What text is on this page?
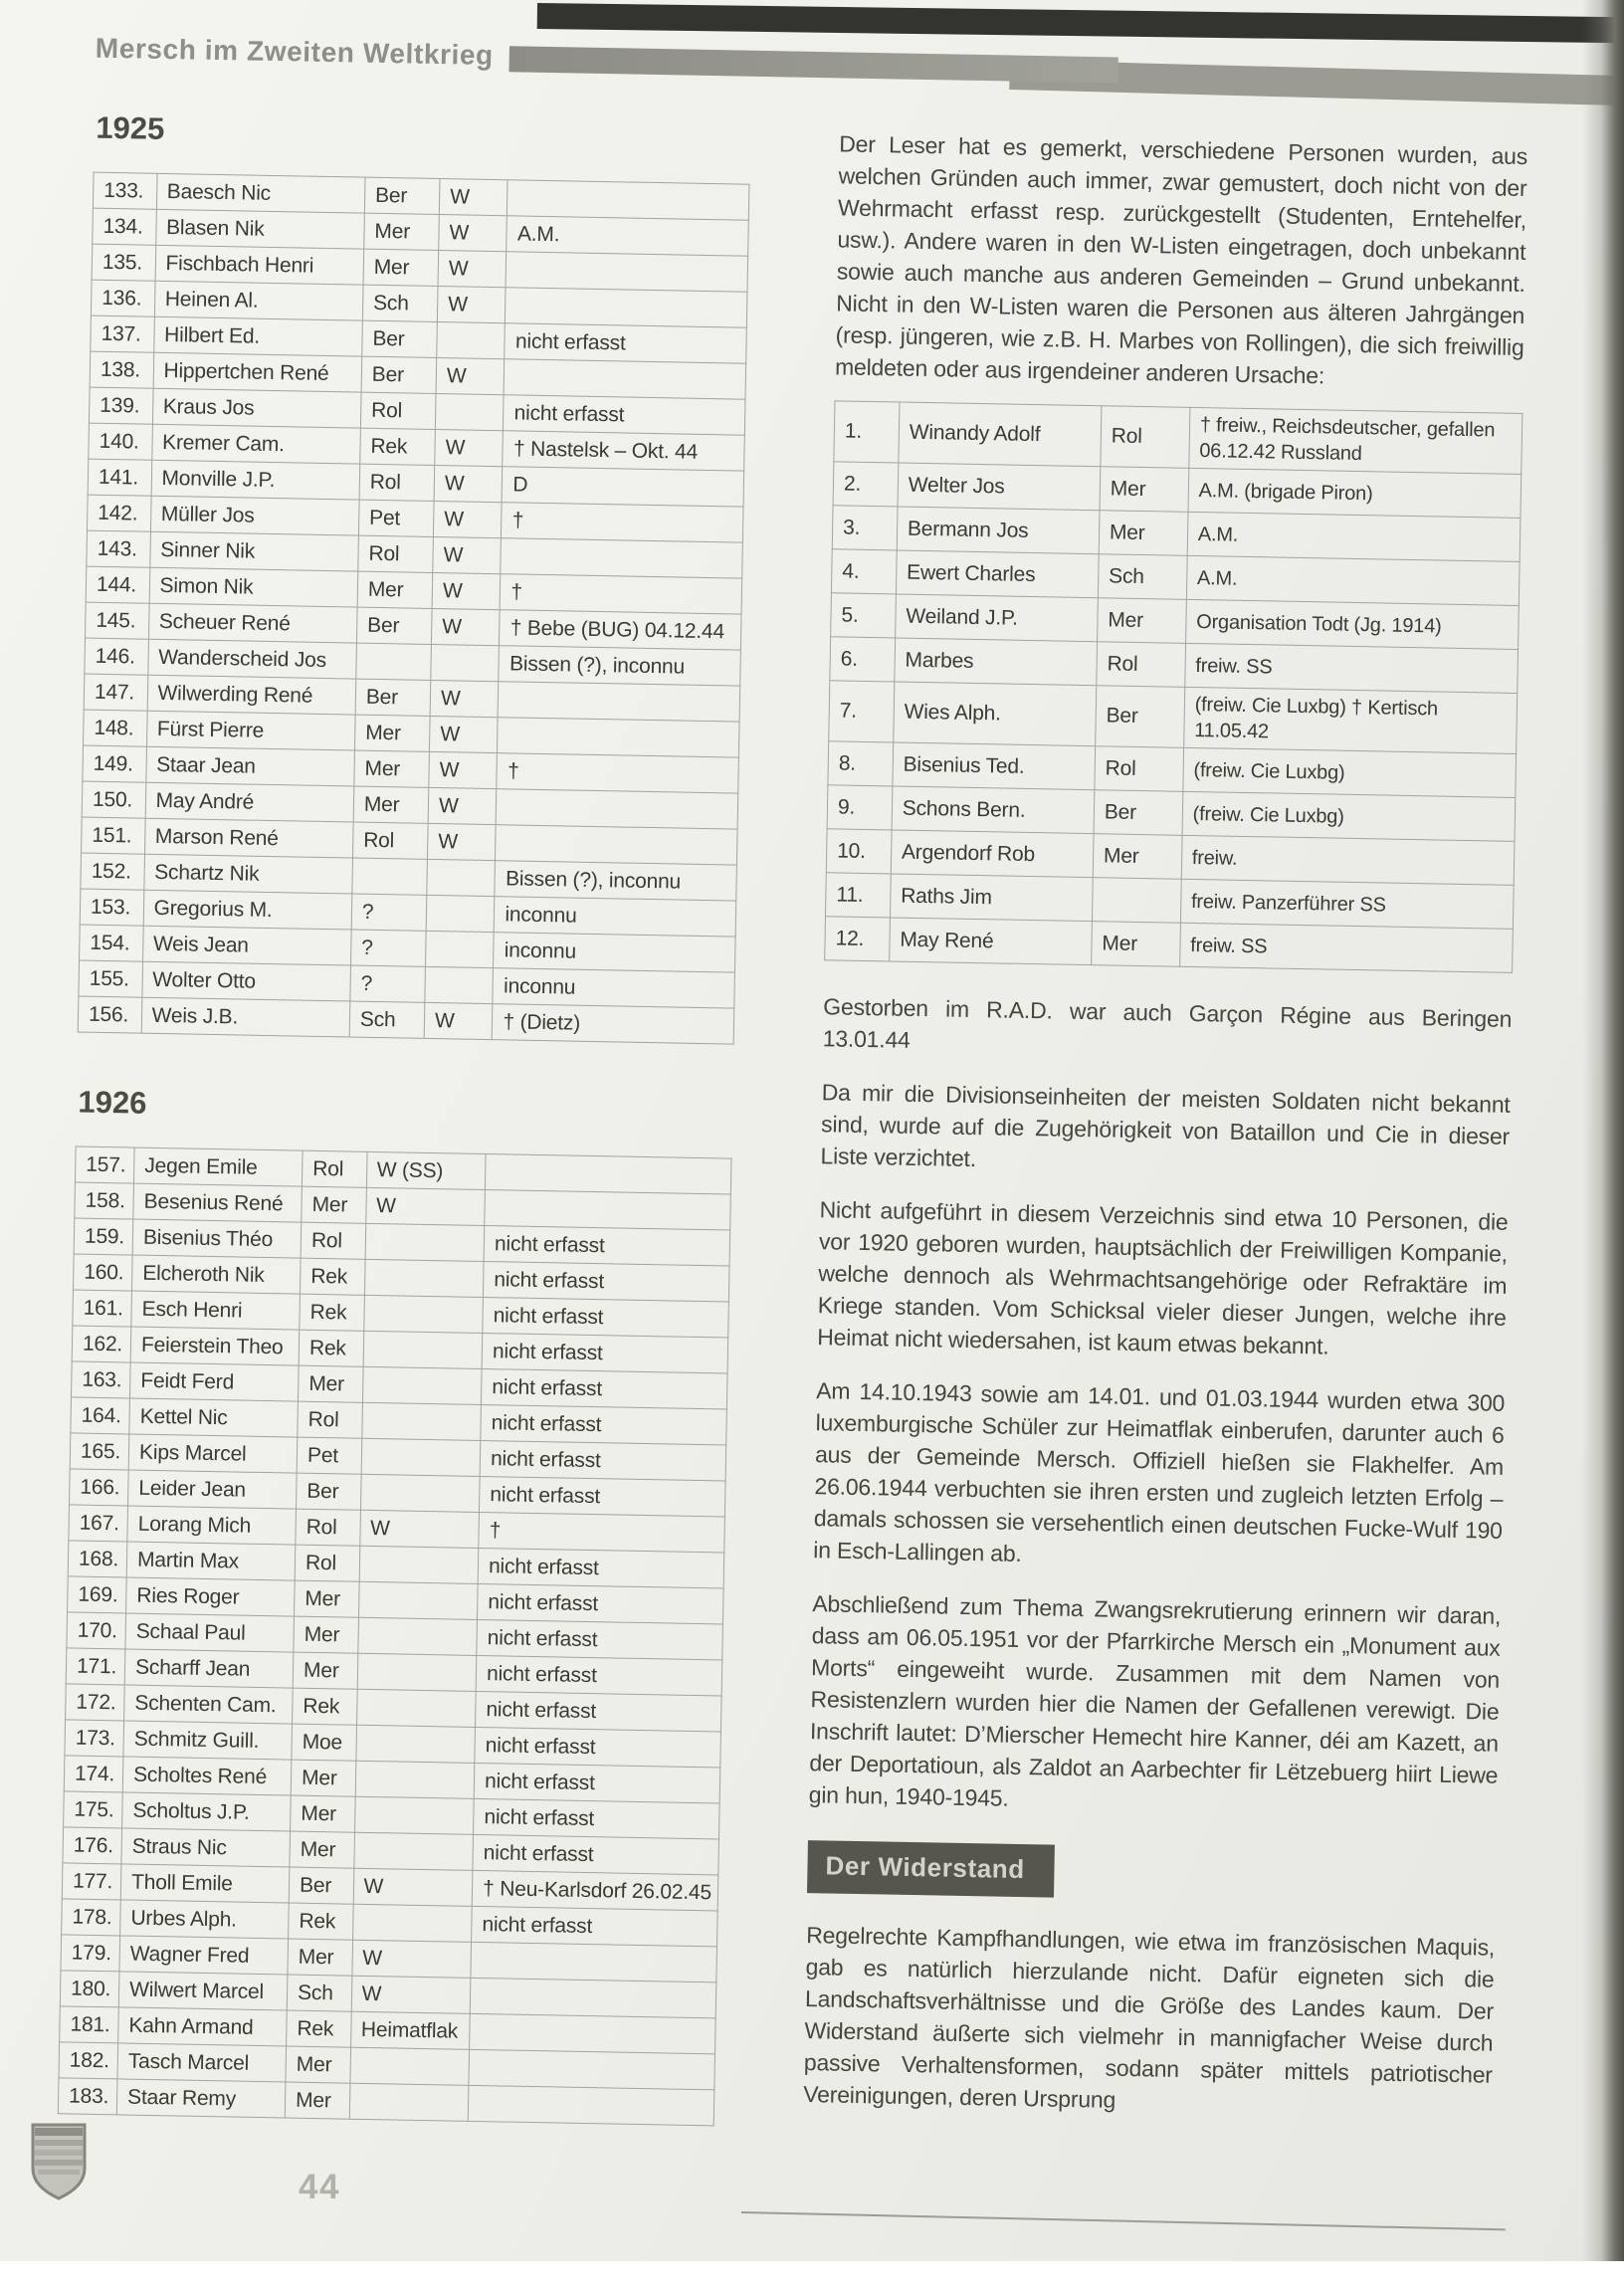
Mersch im Zweiten Weltkrieg
1925
133.	Baesch Nic	Ber	W	
134.	Blasen Nik	Mer	W	A.M.
135.	Fischbach Henri	Mer	W	
136.	Heinen Al.	Sch	W	
137.	Hilbert Ed.	Ber		nicht erfasst
138.	Hippertchen René	Ber	W	
139.	Kraus Jos	Rol		nicht erfasst
140.	Kremer Cam.	Rek	W	† Nastelsk – Okt. 44
141.	Monville J.P.	Rol	W	D
142.	Müller Jos	Pet	W	†
143.	Sinner Nik	Rol	W	
144.	Simon Nik	Mer	W	†
145.	Scheuer René	Ber	W	† Bebe (BUG) 04.12.44
146.	Wanderscheid Jos			Bissen (?), inconnu
147.	Wilwerding René	Ber	W	
148.	Fürst Pierre	Mer	W	
149.	Staar Jean	Mer	W	†
150.	May André	Mer	W	
151.	Marson René	Rol	W	
152.	Schartz Nik			Bissen (?), inconnu
153.	Gregorius M.	?		inconnu
154.	Weis Jean	?		inconnu
155.	Wolter Otto	?		inconnu
156.	Weis J.B.	Sch	W	† (Dietz)
1926
157.	Jegen Emile	Rol	W (SS)	
158.	Besenius René	Mer	W	
159.	Bisenius Théo	Rol		nicht erfasst
160.	Elcheroth Nik	Rek		nicht erfasst
161.	Esch Henri	Rek		nicht erfasst
162.	Feierstein Theo	Rek		nicht erfasst
163.	Feidt Ferd	Mer		nicht erfasst
164.	Kettel Nic	Rol		nicht erfasst
165.	Kips Marcel	Pet		nicht erfasst
166.	Leider Jean	Ber		nicht erfasst
167.	Lorang Mich	Rol	W	†
168.	Martin Max	Rol		nicht erfasst
169.	Ries Roger	Mer		nicht erfasst
170.	Schaal Paul	Mer		nicht erfasst
171.	Scharff Jean	Mer		nicht erfasst
172.	Schenten Cam.	Rek		nicht erfasst
173.	Schmitz Guill.	Moe		nicht erfasst
174.	Scholtes René	Mer		nicht erfasst
175.	Scholtus J.P.	Mer		nicht erfasst
176.	Straus Nic	Mer		nicht erfasst
177.	Tholl Emile	Ber	W	† Neu-Karlsdorf 26.02.45
178.	Urbes Alph.	Rek		nicht erfasst
179.	Wagner Fred	Mer	W	
180.	Wilwert Marcel	Sch	W	
181.	Kahn Armand	Rek	Heimatflak	
182.	Tasch Marcel	Mer		
183.	Staar Remy	Mer		

Der Leser hat es gemerkt, verschiedene Personen wurden, aus welchen Gründen auch immer, zwar gemustert, doch nicht von der Wehrmacht erfasst resp. zurückgestellt (Studenten, Erntehelfer, usw.). Andere waren in den W-Listen eingetragen, doch unbekannt sowie auch manche aus anderen Gemeinden – Grund unbekannt. Nicht in den W-Listen waren die Personen aus älteren Jahrgängen (resp. jüngeren, wie z.B. H. Marbes von Rollingen), die sich freiwillig meldeten oder aus irgendeiner anderen Ursache:

1.	Winandy Adolf	Rol	† freiw., Reichsdeutscher, gefallen 06.12.42 Russland
2.	Welter Jos	Mer	A.M. (brigade Piron)
3.	Bermann Jos	Mer	A.M.
4.	Ewert Charles	Sch	A.M.
5.	Weiland J.P.	Mer	Organisation Todt (Jg. 1914)
6.	Marbes	Rol	freiw. SS
7.	Wies Alph.	Ber	(freiw. Cie Luxbg) † Kertisch 11.05.42
8.	Bisenius Ted.	Rol	(freiw. Cie Luxbg)
9.	Schons Bern.	Ber	(freiw. Cie Luxbg)
10.	Argendorf Rob	Mer	freiw.
11.	Raths Jim		freiw. Panzerführer SS
12.	May René	Mer	freiw. SS

Gestorben im R.A.D. war auch Garçon Régine aus Beringen 13.01.44

Da mir die Divisionseinheiten der meisten Soldaten nicht bekannt sind, wurde auf die Zugehörigkeit von Bataillon und Cie in dieser Liste verzichtet.

Nicht aufgeführt in diesem Verzeichnis sind etwa 10 Personen, die vor 1920 geboren wurden, hauptsächlich der Freiwilligen Kompanie, welche dennoch als Wehrmachtsangehörige oder Refraktäre im Kriege standen. Vom Schicksal vieler dieser Jungen, welche ihre Heimat nicht wiedersahen, ist kaum etwas bekannt.

Am 14.10.1943 sowie am 14.01. und 01.03.1944 wurden etwa 300 luxemburgische Schüler zur Heimatflak einberufen, darunter auch 6 aus der Gemeinde Mersch. Offiziell hießen sie Flakhelfer. Am 26.06.1944 verbuchten sie ihren ersten und zugleich letzten Erfolg – damals schossen sie versehentlich einen deutschen Fucke-Wulf 190 in Esch-Lallingen ab.

Abschließend zum Thema Zwangsrekrutierung erinnern wir daran, dass am 06.05.1951 vor der Pfarrkirche Mersch ein „Monument aux Morts“ eingeweiht wurde. Zusammen mit dem Namen von Resistenzlern wurden hier die Namen der Gefallenen verewigt. Die Inschrift lautet: D’Mierscher Hemecht hire Kanner, déi am Kazett, an der Deportatioun, als Zaldot an Aarbechter fir Lëtzebuerg hiirt Liewe gin hun, 1940-1945.

Der Widerstand

Regelrechte Kampfhandlungen, wie etwa im französischen Maquis, gab es natürlich hierzulande nicht. Dafür eigneten sich die Landschaftsverhältnisse und die Größe des Landes kaum. Der Widerstand äußerte sich vielmehr in mannigfacher Weise durch passive Verhaltensformen, sodann später mittels patriotischer Vereinigungen, deren Ursprung

44
